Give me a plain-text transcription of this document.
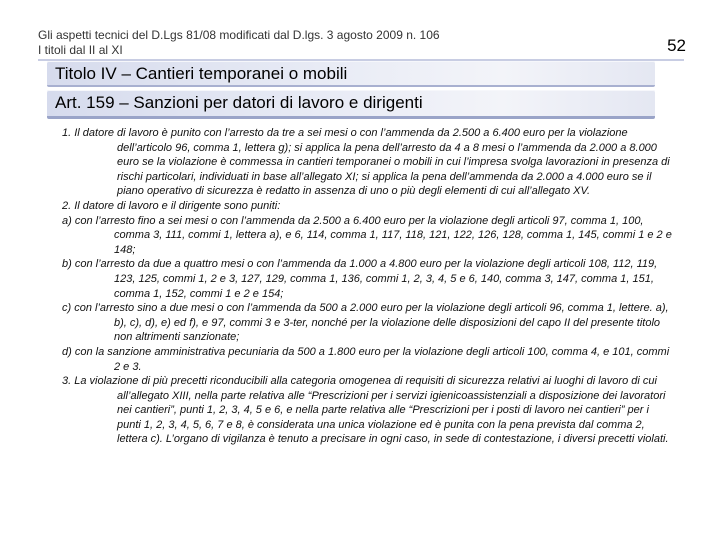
Gli aspetti tecnici del D.Lgs 81/08 modificati dal D.lgs. 3 agosto 2009 n. 106
I titoli dal II al XI	52
Titolo IV – Cantieri temporanei o mobili
Art. 159 – Sanzioni per datori di lavoro e dirigenti

1. Il datore di lavoro è punito con l’arresto da tre a sei mesi o con l’ammenda da 2.500 a 6.400 euro per la violazione dell’articolo 96, comma 1, lettera g); si applica la pena dell’arresto da 4 a 8 mesi o l’ammenda da 2.000 a 8.000 euro se la violazione è commessa in cantieri temporanei o mobili in cui l’impresa svolga lavorazioni in presenza di rischi particolari, individuati in base all’allegato XI; si applica la pena dell’ammenda da 2.000 a 4.000 euro se il piano operativo di sicurezza è redatto in assenza di uno o più degli elementi di cui all’allegato XV.

2. Il datore di lavoro e il dirigente sono puniti:

a) con l’arresto fino a sei mesi o con l’ammenda da 2.500 a 6.400 euro per la violazione degli articoli 97, comma 1, 100, comma 3, 111, commi 1, lettera a), e 6, 114, comma 1, 117, 118, 121, 122, 126, 128, comma 1, 145, commi 1 e 2 e 148;

b) con l’arresto da due a quattro mesi o con l’ammenda da 1.000 a 4.800 euro per la violazione degli articoli 108, 112, 119, 123, 125, commi 1, 2 e 3, 127, 129, comma 1, 136, commi 1, 2, 3, 4, 5 e 6, 140, comma 3, 147, comma 1, 151, comma 1, 152, commi 1 e 2 e 154;

c) con l’arresto sino a due mesi o con l’ammenda da 500 a 2.000 euro per la violazione degli articoli 96, comma 1, lettere. a), b), c), d), e) ed f), e 97, commi 3 e 3-ter, nonché per la violazione delle disposizioni del capo II del presente titolo non altrimenti sanzionate;

d) con la sanzione amministrativa pecuniaria da 500 a 1.800 euro per la violazione degli articoli 100, comma 4, e 101, commi 2 e 3.

3. La violazione di più precetti riconducibili alla categoria omogenea di requisiti di sicurezza relativi ai luoghi di lavoro di cui all’allegato XIII, nella parte relativa alle “Prescrizioni per i servizi igienicoassistenziali a disposizione dei lavoratori nei cantieri”, punti 1, 2, 3, 4, 5 e 6, e nella parte relativa alle “Prescrizioni per i posti di lavoro nei cantieri” per i punti 1, 2, 3, 4, 5, 6, 7 e 8, è considerata una unica violazione ed è punita con la pena prevista dal comma 2, lettera c). L’organo di vigilanza è tenuto a precisare in ogni caso, in sede di contestazione, i diversi precetti violati.
